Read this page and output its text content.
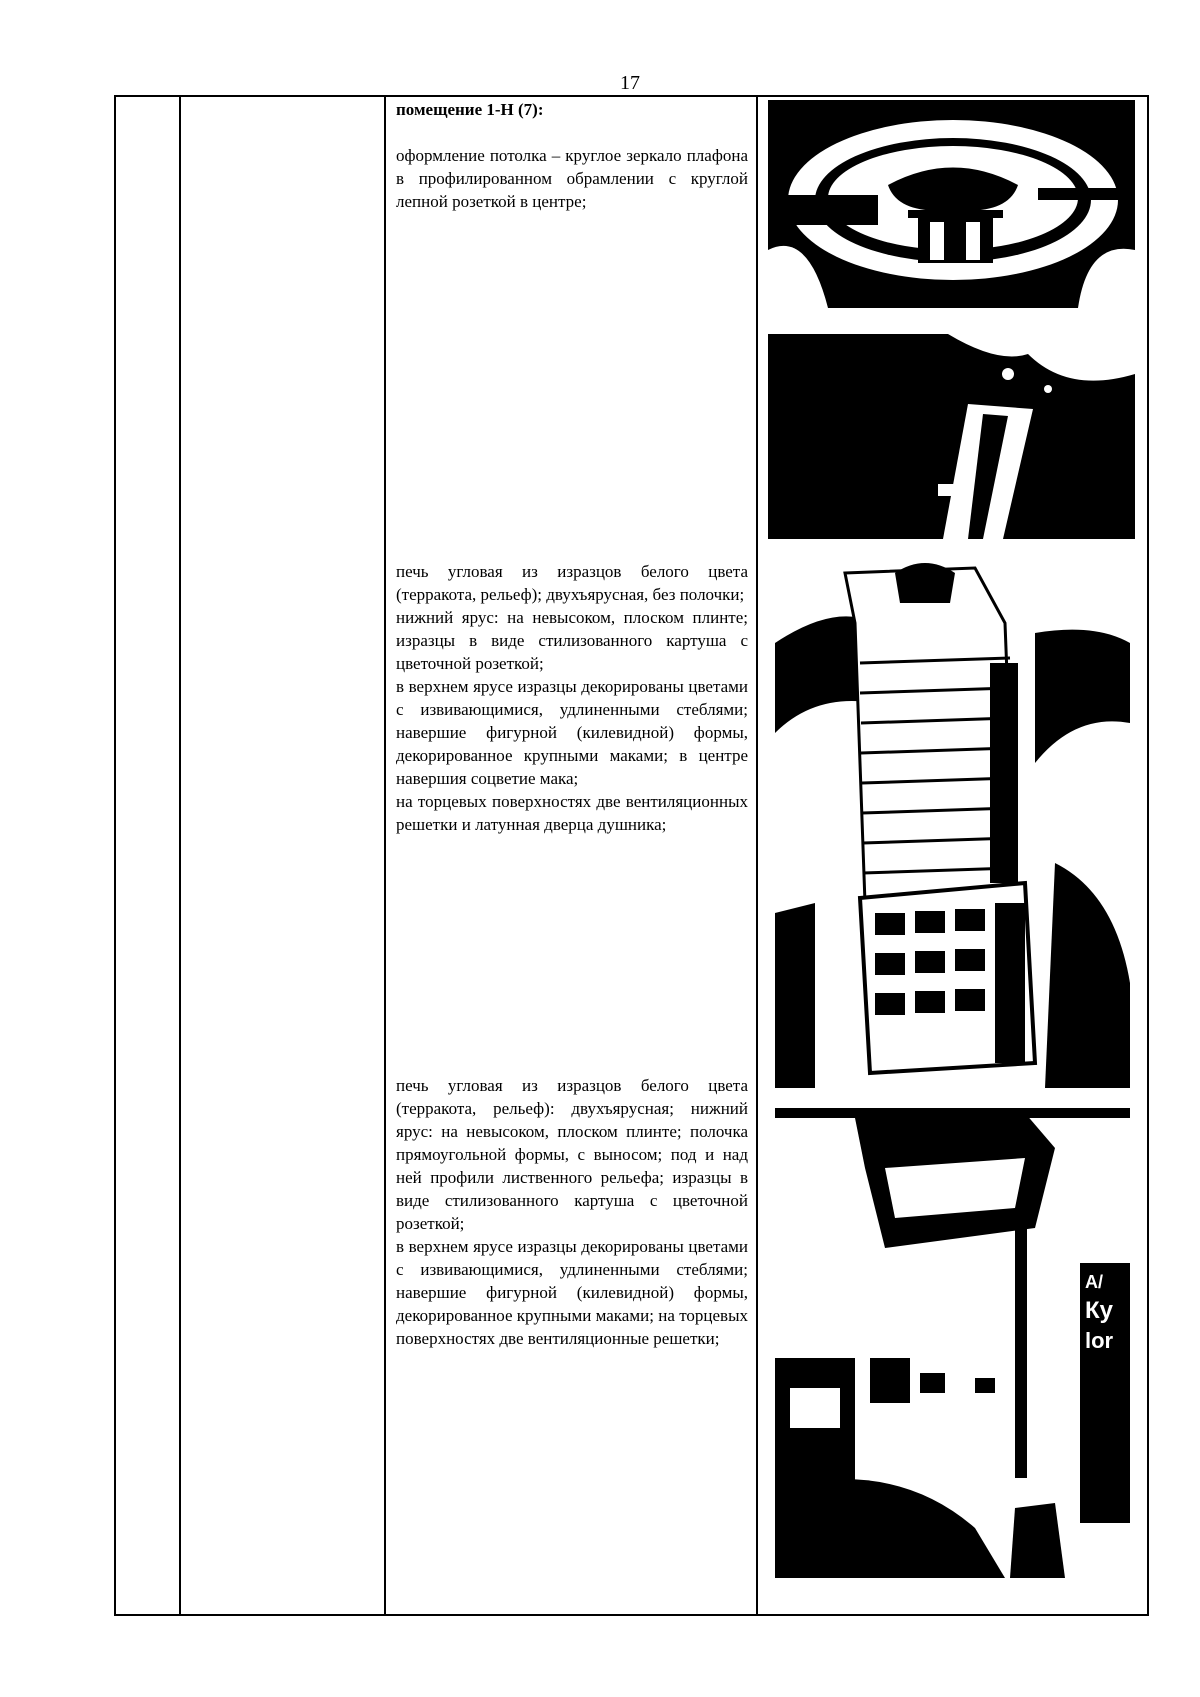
17

помещение 1-Н (7):

оформление потолка – круглое зеркало плафона в профилированном обрамлении с круглой лепной розеткой в центре;

печь угловая из изразцов белого цвета (терракота, рельеф); двухъярусная, без полочки;

нижний ярус: на невысоком, плоском плинте; изразцы в виде стилизованного картуша с цветочной розеткой;

в верхнем ярусе изразцы декорированы цветами с извивающимися, удлиненными стеблями; навершие фигурной (килевидной) формы, декорированное крупными маками; в центре навершия соцветие мака;

на торцевых поверхностях две вентиляционных решетки и латунная дверца душника;

печь угловая из изразцов белого цвета (терракота, рельеф): двухъярусная; нижний ярус: на невысоком, плоском плинте; полочка прямоугольной формы, с выносом; под и над ней профили лиственного рельефа; изразцы в виде стилизованного картуша с цветочной розеткой;

в верхнем ярусе изразцы декорированы цветами с извивающимися, удлиненными стеблями; навершие фигурной (килевидной) формы, декорированное крупными маками; на торцевых поверхностях две вентиляционные решетки;

А/
Ку
lor
